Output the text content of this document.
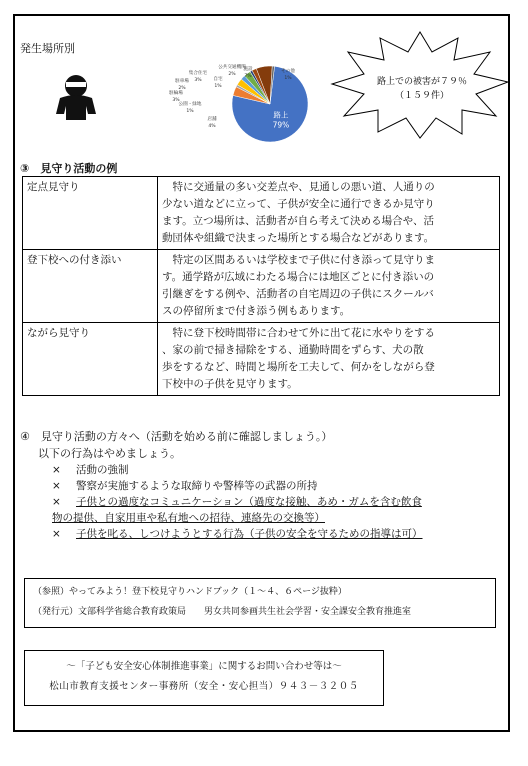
発生場所別
路上
79%
店舗
4%
公園・緑地
1%
駐輪場
3%
駐車場
2%
集合住宅
3%	自宅
1%
公共交通機関
2%
施設
7%
その他
1%	路上での被害が７９％
（１５９件）
③　見守り活動の例
定点見守り	　特に交通量の多い交差点や、見通しの悪い道、人通りの
少ない道などに立って、子供が安全に通行できるか見守り
ます。立つ場所は、活動者が自ら考えて決める場合や、活
動団体や組織で決まった場所とする場合などがあります。

登下校への付き添い	　特定の区間あるいは学校まで子供に付き添って見守りま
す。通学路が広域にわたる場合には地区ごとに付き添いの
引継ぎをする例や、活動者の自宅周辺の子供にスクールバ
スの停留所まで付き添う例もあります。

ながら見守り	　特に登下校時間帯に合わせて外に出て花に水やりをする
、家の前で掃き掃除をする、通勤時間をずらす、犬の散
歩をするなど、時間と場所を工夫して、何かをしながら登
下校中の子供を見守ります。
④　見守り活動の方々へ（活動を始める前に確認しましょう。）
以下の行為はやめましょう。
×	活動の強制
×	警察が実施するような取締りや警棒等の武器の所持
×	子供との過度なコミュニケーション（過度な接触、あめ・ガムを含む飲食
物の提供、自家用車や私有地への招待、連絡先の交換等）
×	子供を叱る、しつけようとする行為（子供の安全を守るための指導は可）
（参照）やってみよう！登下校見守りハンドブック（１～４、６ページ抜粋）
（発行元）文部科学省総合教育政策局　　男女共同参画共生社会学習・安全課安全教育推進室
～「子ども安全安心体制推進事業」に関するお問い合わせ等は～
松山市教育支援センター事務所（安全・安心担当）９４３－３２０５
